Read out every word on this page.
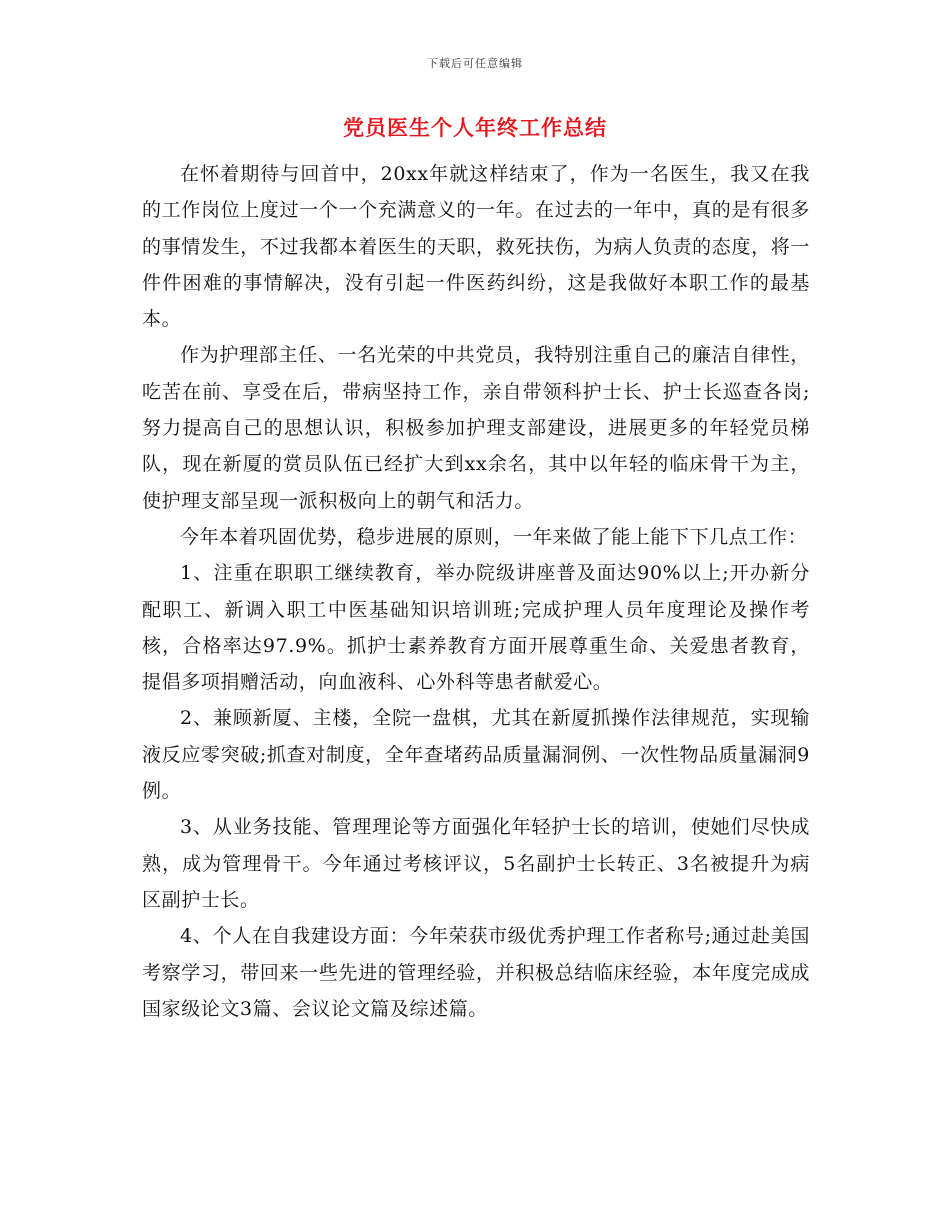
下载后可任意编辑
党员医生个人年终工作总结

在怀着期待与回首中，20xx年就这样结束了，作为一名医生，我又在我的工作岗位上度过一个一个充满意义的一年。在过去的一年中，真的是有很多的事情发生，不过我都本着医生的天职，救死扶伤，为病人负责的态度，将一件件困难的事情解决，没有引起一件医药纠纷，这是我做好本职工作的最基本。

作为护理部主任、一名光荣的中共党员，我特别注重自己的廉洁自律性，吃苦在前、享受在后，带病坚持工作，亲自带领科护士长、护士长巡查各岗;努力提高自己的思想认识，积极参加护理支部建设，进展更多的年轻党员梯队，现在新厦的赏员队伍已经扩大到xx余名，其中以年轻的临床骨干为主，使护理支部呈现一派积极向上的朝气和活力。

今年本着巩固优势，稳步进展的原则，一年来做了能上能下下几点工作：

1、注重在职职工继续教育，举办院级讲座普及面达90%以上;开办新分配职工、新调入职工中医基础知识培训班;完成护理人员年度理论及操作考核，合格率达97.9%。抓护士素养教育方面开展尊重生命、关爱患者教育，提倡多项捐赠活动，向血液科、心外科等患者献爱心。

2、兼顾新厦、主楼，全院一盘棋，尤其在新厦抓操作法律规范，实现输液反应零突破;抓查对制度，全年查堵药品质量漏洞例、一次性物品质量漏洞9例。

3、从业务技能、管理理论等方面强化年轻护士长的培训，使她们尽快成熟，成为管理骨干。今年通过考核评议，5名副护士长转正、3名被提升为病区副护士长。

4、个人在自我建设方面：今年荣获市级优秀护理工作者称号;通过赴美国考察学习，带回来一些先进的管理经验，并积极总结临床经验，本年度完成成国家级论文3篇、会议论文篇及综述篇。
